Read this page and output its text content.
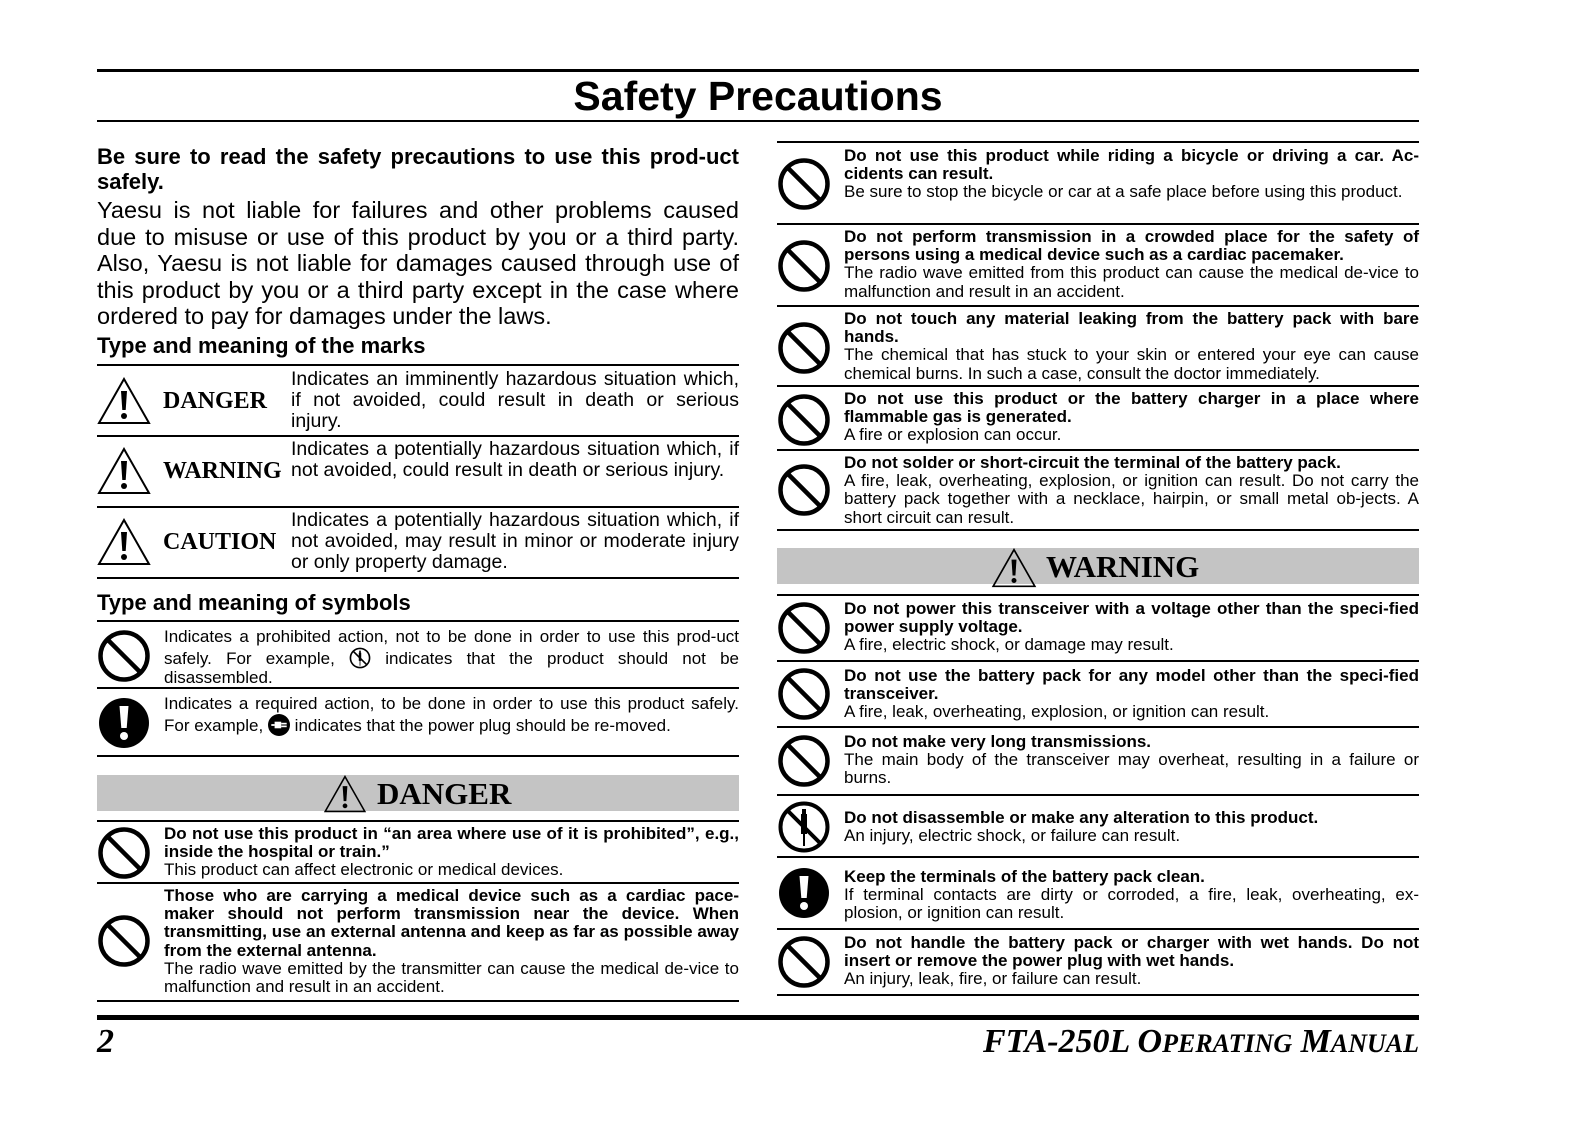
Safety Precautions
Be sure to read the safety precautions to use this prod-uct safely.
Yaesu is not liable for failures and other problems caused due to misuse or use of this product by you or a third party. Also, Yaesu is not liable for damages caused through use of this product by you or a third party except in the case where ordered to pay for damages under the laws.
Type and meaning of the marks
DANGER
Indicates an imminently hazardous situation which, if not avoided, could result in death or serious injury.
WARNING
Indicates a potentially hazardous situation which, if not avoided, could result in death or serious injury.
CAUTION
Indicates a potentially hazardous situation which, if not avoided, may result in minor or moderate injury or only property damage.
Type and meaning of symbols
Indicates a prohibited action, not to be done in order to use this prod-uct safely. For example,	indicates that the product should not be disassembled.
Indicates a required action, to be done in order to use this product safely. For example, indicates that the power plug should be re-moved.
DANGER
Do not use this product in “an area where use of it is prohibited”, e.g., inside the hospital or train.”
This product can affect electronic or medical devices.
Those who are carrying a medical device such as a cardiac pace-maker should not perform transmission near the device. When transmitting, use an external antenna and keep as far as possible away from the external antenna.
The radio wave emitted by the transmitter can cause the medical de-vice to malfunction and result in an accident.
Do not use this product while riding a bicycle or driving a car. Ac-cidents can result.
Be sure to stop the bicycle or car at a safe place before using this product.
Do not perform transmission in a crowded place for the safety of persons using a medical device such as a cardiac pacemaker.
The radio wave emitted from this product can cause the medical de-vice to malfunction and result in an accident.
Do not touch any material leaking from the battery pack with bare hands.
The chemical that has stuck to your skin or entered your eye can cause chemical burns. In such a case, consult the doctor immediately.
Do not use this product or the battery charger in a place where flammable gas is generated.
A fire or explosion can occur.
Do not solder or short-circuit the terminal of the battery pack.
A fire, leak, overheating, explosion, or ignition can result. Do not carry the battery pack together with a necklace, hairpin, or small metal ob-jects. A short circuit can result.
WARNING
Do not power this transceiver with a voltage other than the speci-fied power supply voltage.
A fire, electric shock, or damage may result.
Do not use the battery pack for any model other than the speci-fied transceiver.
A fire, leak, overheating, explosion, or ignition can result.
Do not make very long transmissions.
The main body of the transceiver may overheat, resulting in a failure or burns.
Do not disassemble or make any alteration to this product.
An injury, electric shock, or failure can result.
Keep the terminals of the battery pack clean.
If terminal contacts are dirty or corroded, a fire, leak, overheating, ex-plosion, or ignition can result.
Do not handle the battery pack or charger with wet hands. Do not insert or remove the power plug with wet hands.
An injury, leak, fire, or failure can result.
2	FTA-250L OPERATING MANUAL
